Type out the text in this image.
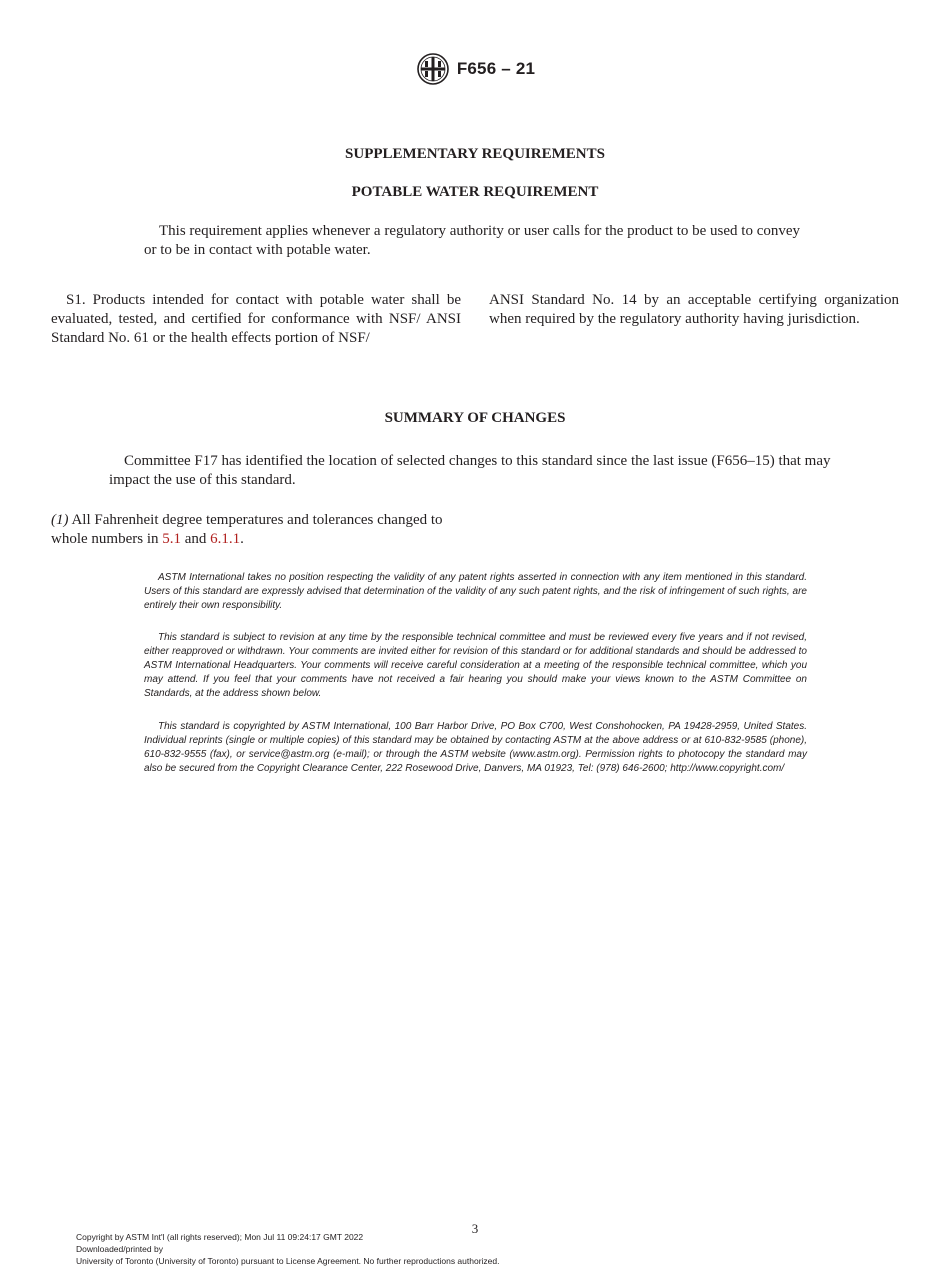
F656 – 21
SUPPLEMENTARY REQUIREMENTS
POTABLE WATER REQUIREMENT
This requirement applies whenever a regulatory authority or user calls for the product to be used to convey or to be in contact with potable water.

S1. Products intended for contact with potable water shall be evaluated, tested, and certified for conformance with NSF/ ANSI Standard No. 61 or the health effects portion of NSF/

ANSI Standard No. 14 by an acceptable certifying organization when required by the regulatory authority having jurisdiction.
SUMMARY OF CHANGES
Committee F17 has identified the location of selected changes to this standard since the last issue (F656–15) that may impact the use of this standard.
(1) All Fahrenheit degree temperatures and tolerances changed to whole numbers in 5.1 and 6.1.1.

ASTM International takes no position respecting the validity of any patent rights asserted in connection with any item mentioned in this standard. Users of this standard are expressly advised that determination of the validity of any such patent rights, and the risk of infringement of such rights, are entirely their own responsibility.

This standard is subject to revision at any time by the responsible technical committee and must be reviewed every five years and if not revised, either reapproved or withdrawn. Your comments are invited either for revision of this standard or for additional standards and should be addressed to ASTM International Headquarters. Your comments will receive careful consideration at a meeting of the responsible technical committee, which you may attend. If you feel that your comments have not received a fair hearing you should make your views known to the ASTM Committee on Standards, at the address shown below.

This standard is copyrighted by ASTM International, 100 Barr Harbor Drive, PO Box C700, West Conshohocken, PA 19428-2959, United States. Individual reprints (single or multiple copies) of this standard may be obtained by contacting ASTM at the above address or at 610-832-9585 (phone), 610-832-9555 (fax), or service@astm.org (e-mail); or through the ASTM website (www.astm.org). Permission rights to photocopy the standard may also be secured from the Copyright Clearance Center, 222 Rosewood Drive, Danvers, MA 01923, Tel: (978) 646-2600; http://www.copyright.com/

3
Copyright by ASTM Int'l (all rights reserved); Mon Jul 11 09:24:17 GMT 2022
Downloaded/printed by
University of Toronto (University of Toronto) pursuant to License Agreement. No further reproductions authorized.
